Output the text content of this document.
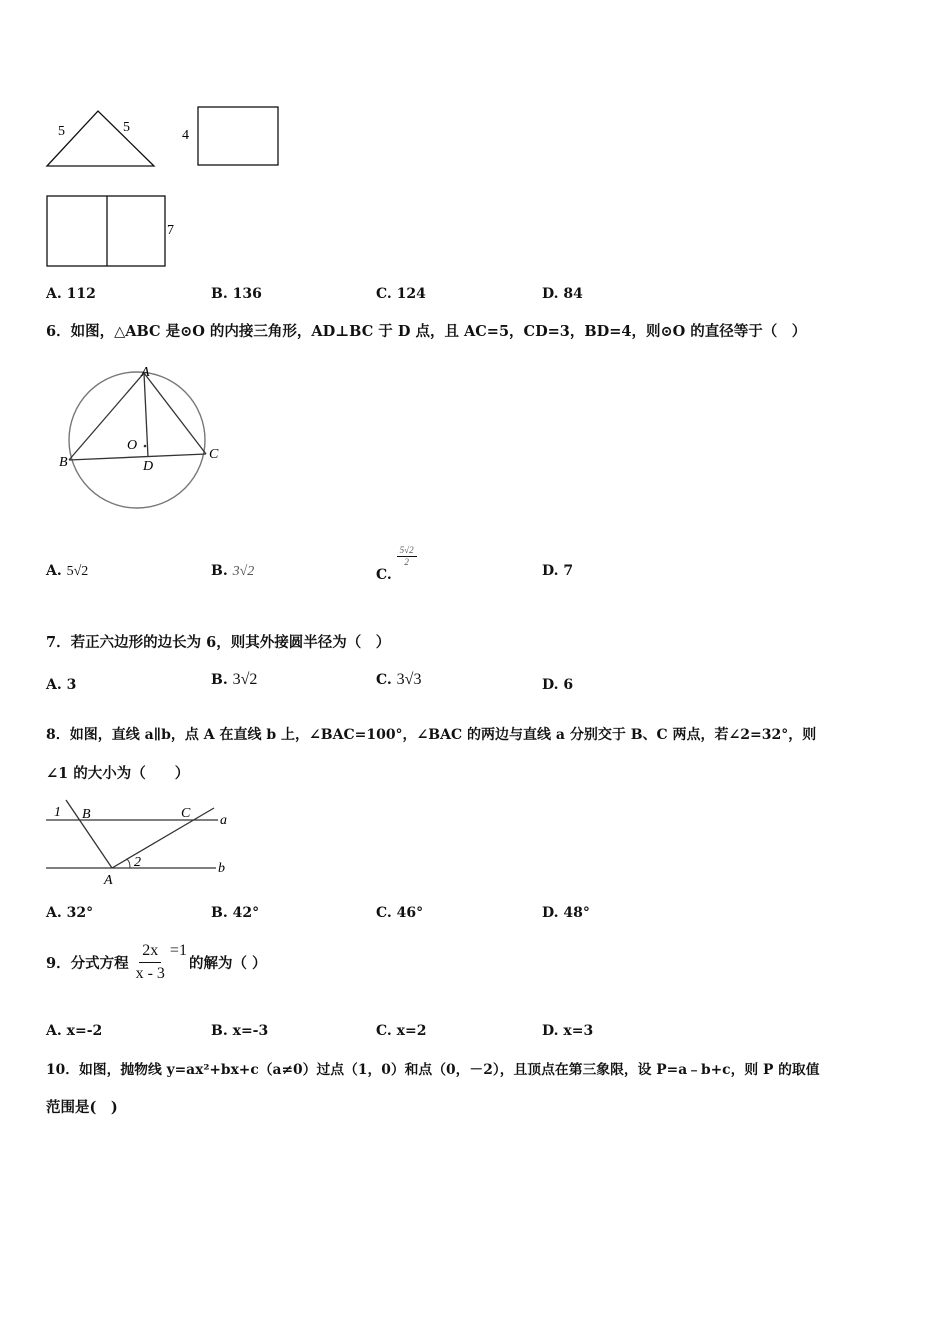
5	5
4
7
A. 112	B. 136	C. 124	D. 84
6．如图，△ABC 是⊙O 的内接三角形，AD⊥BC 于 D 点，且 AC=5，CD=3，BD=4，则⊙O 的直径等于（　）
A
B
C
D
O
A. 5√2	B. 3√2	C.
$\frac{5√2}{2}$
D. 7
7．若正六边形的边长为 6，则其外接圆半径为（　）
A. 3	B. 3√2	C. 3√3	D. 6
8．如图，直线 a∥b，点 A 在直线 b 上，∠BAC=100°，∠BAC 的两边与直线 a 分别交于 B、C 两点，若∠2=32°，则
∠1 的大小为（　　）
1 B	C a
A
2	b
A. 32°	B. 42°	C. 46°	D. 48°
9．分式方程 $\frac{2x}{x - 3} =1$
的解为（ ）
A. x=-2	B. x=-3	C. x=2	D. x=3
10．如图，抛物线 y=ax²+bx+c（a≠0）过点（1，0）和点（0，－2），且顶点在第三象限，设 P=a﹣b+c，则 P 的取值
范围是(　)
